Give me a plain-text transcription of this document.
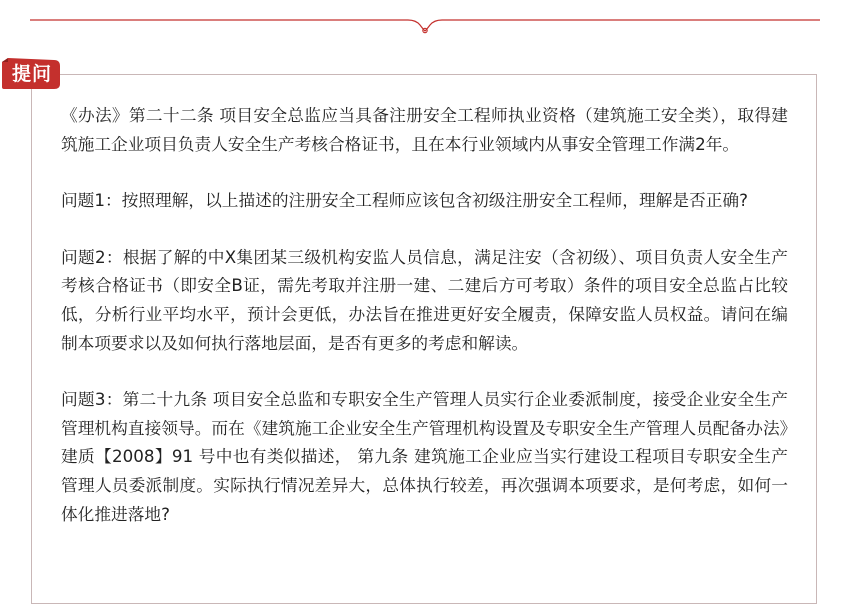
《办法》第二十二条 项目安全总监应当具备注册安全工程师执业资格（建筑施工安全类），取得建筑施工企业项目负责人安全生产考核合格证书，且在本行业领域内从事安全管理工作满2年。

问题1：按照理解，以上描述的注册安全工程师应该包含初级注册安全工程师，理解是否正确?

问题2：根据了解的中X集团某三级机构安监人员信息，满足注安（含初级）、项目负责人安全生产考核合格证书（即安全B证，需先考取并注册一建、二建后方可考取）条件的项目安全总监占比较低，分析行业平均水平，预计会更低，办法旨在推进更好安全履责，保障安监人员权益。请问在编制本项要求以及如何执行落地层面，是否有更多的考虑和解读。

问题3：第二十九条 项目安全总监和专职安全生产管理人员实行企业委派制度，接受企业安全生产管理机构直接领导。而在《建筑施工企业安全生产管理机构设置及专职安全生产管理人员配备办法》建质【2008】91 号中也有类似描述， 第九条 建筑施工企业应当实行建设工程项目专职安全生产管理人员委派制度。实际执行情况差异大，总体执行较差，再次强调本项要求，是何考虑，如何一体化推进落地?

提问
